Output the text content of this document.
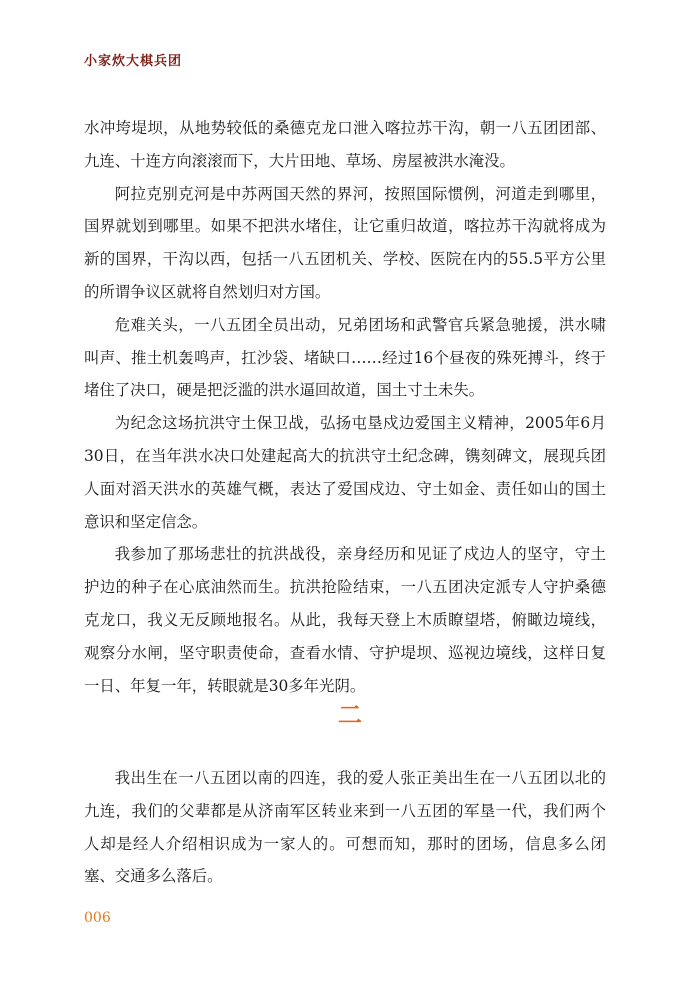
小家炊大棋兵团

水冲垮堤坝，从地势较低的桑德克龙口泄入喀拉苏干沟，朝一八五团团部、九连、十连方向滚滚而下，大片田地、草场、房屋被洪水淹没。

阿拉克别克河是中苏两国天然的界河，按照国际惯例，河道走到哪里，国界就划到哪里。如果不把洪水堵住，让它重归故道，喀拉苏干沟就将成为新的国界，干沟以西，包括一八五团机关、学校、医院在内的55.5平方公里的所谓争议区就将自然划归对方国。

危难关头，一八五团全员出动，兄弟团场和武警官兵紧急驰援，洪水啸叫声、推土机轰鸣声，扛沙袋、堵缺口……经过16个昼夜的殊死搏斗，终于堵住了决口，硬是把泛滥的洪水逼回故道，国土寸土未失。

为纪念这场抗洪守土保卫战，弘扬屯垦戍边爱国主义精神，2005年6月30日，在当年洪水决口处建起高大的抗洪守土纪念碑，镌刻碑文，展现兵团人面对滔天洪水的英雄气概，表达了爱国戍边、守土如金、责任如山的国土意识和坚定信念。

我参加了那场悲壮的抗洪战役，亲身经历和见证了戍边人的坚守，守土护边的种子在心底油然而生。抗洪抢险结束，一八五团决定派专人守护桑德克龙口，我义无反顾地报名。从此，我每天登上木质瞭望塔，俯瞰边境线，观察分水闸，坚守职责使命，查看水情、守护堤坝、巡视边境线，这样日复一日、年复一年，转眼就是30多年光阴。

二

我出生在一八五团以南的四连，我的爱人张正美出生在一八五团以北的九连，我们的父辈都是从济南军区转业来到一八五团的军垦一代，我们两个人却是经人介绍相识成为一家人的。可想而知，那时的团场，信息多么闭塞、交通多么落后。

006
